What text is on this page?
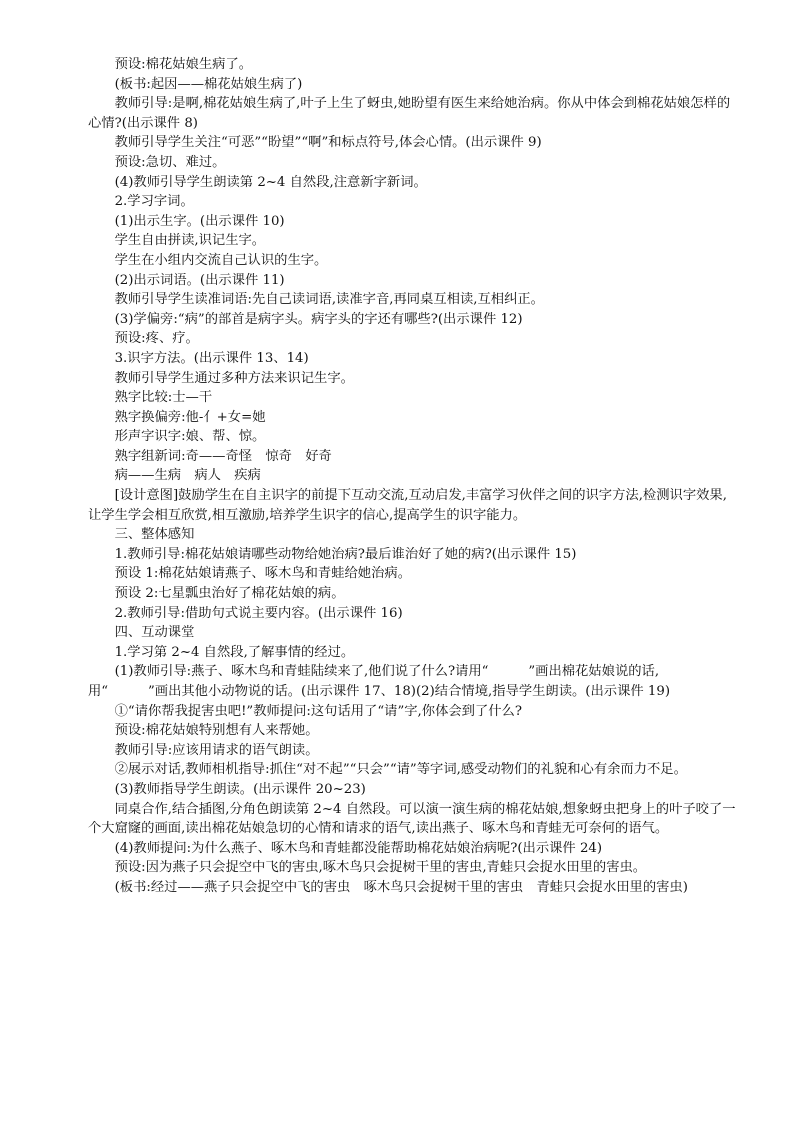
预设:棉花姑娘生病了。

(板书:起因——棉花姑娘生病了)

教师引导:是啊,棉花姑娘生病了,叶子上生了蚜虫,她盼望有医生来给她治病。你从中体会到棉花姑娘怎样的心情?(出示课件 8)

教师引导学生关注“可恶”“盼望”“啊”和标点符号,体会心情。(出示课件 9)

预设:急切、难过。

(4)教师引导学生朗读第 2~4 自然段,注意新字新词。

2.学习字词。

(1)出示生字。(出示课件 10)

学生自由拼读,识记生字。

学生在小组内交流自己认识的生字。

(2)出示词语。(出示课件 11)

教师引导学生读准词语:先自己读词语,读准字音,再同桌互相读,互相纠正。

(3)学偏旁:“病”的部首是病字头。病字头的字还有哪些?(出示课件 12)

预设:疼、疗。

3.识字方法。(出示课件 13、14)

教师引导学生通过多种方法来识记生字。

熟字比较:士—干

熟字换偏旁:他-亻+女=她

形声字识字:娘、帮、惊。

熟字组新词:奇——奇怪　惊奇　好奇

病——生病　病人　疾病

[设计意图]鼓励学生在自主识字的前提下互动交流,互动启发,丰富学习伙伴之间的识字方法,检测识字效果,让学生学会相互欣赏,相互激励,培养学生识字的信心,提高学生的识字能力。

三、整体感知

1.教师引导:棉花姑娘请哪些动物给她治病?最后谁治好了她的病?(出示课件 15)

预设 1:棉花姑娘请燕子、啄木鸟和青蛙给她治病。

预设 2:七星瓢虫治好了棉花姑娘的病。

2.教师引导:借助句式说主要内容。(出示课件 16)

四、互动课堂

1.学习第 2~4 自然段,了解事情的经过。

(1)教师引导:燕子、啄木鸟和青蛙陆续来了,他们说了什么?请用“　　　”画出棉花姑娘说的话,用“　　　”画出其他小动物说的话。(出示课件 17、18)(2)结合情境,指导学生朗读。(出示课件 19)

①“请你帮我捉害虫吧!”教师提问:这句话用了“请”字,你体会到了什么?

预设:棉花姑娘特别想有人来帮她。

教师引导:应该用请求的语气朗读。

②展示对话,教师相机指导:抓住“对不起”“只会”“请”等字词,感受动物们的礼貌和心有余而力不足。

(3)教师指导学生朗读。(出示课件 20~23)

同桌合作,结合插图,分角色朗读第 2~4 自然段。可以演一演生病的棉花姑娘,想象蚜虫把身上的叶子咬了一个大窟窿的画面,读出棉花姑娘急切的心情和请求的语气,读出燕子、啄木鸟和青蛙无可奈何的语气。

(4)教师提问:为什么燕子、啄木鸟和青蛙都没能帮助棉花姑娘治病呢?(出示课件 24)

预设:因为燕子只会捉空中飞的害虫,啄木鸟只会捉树干里的害虫,青蛙只会捉水田里的害虫。

(板书:经过——燕子只会捉空中飞的害虫　啄木鸟只会捉树干里的害虫　青蛙只会捉水田里的害虫)
